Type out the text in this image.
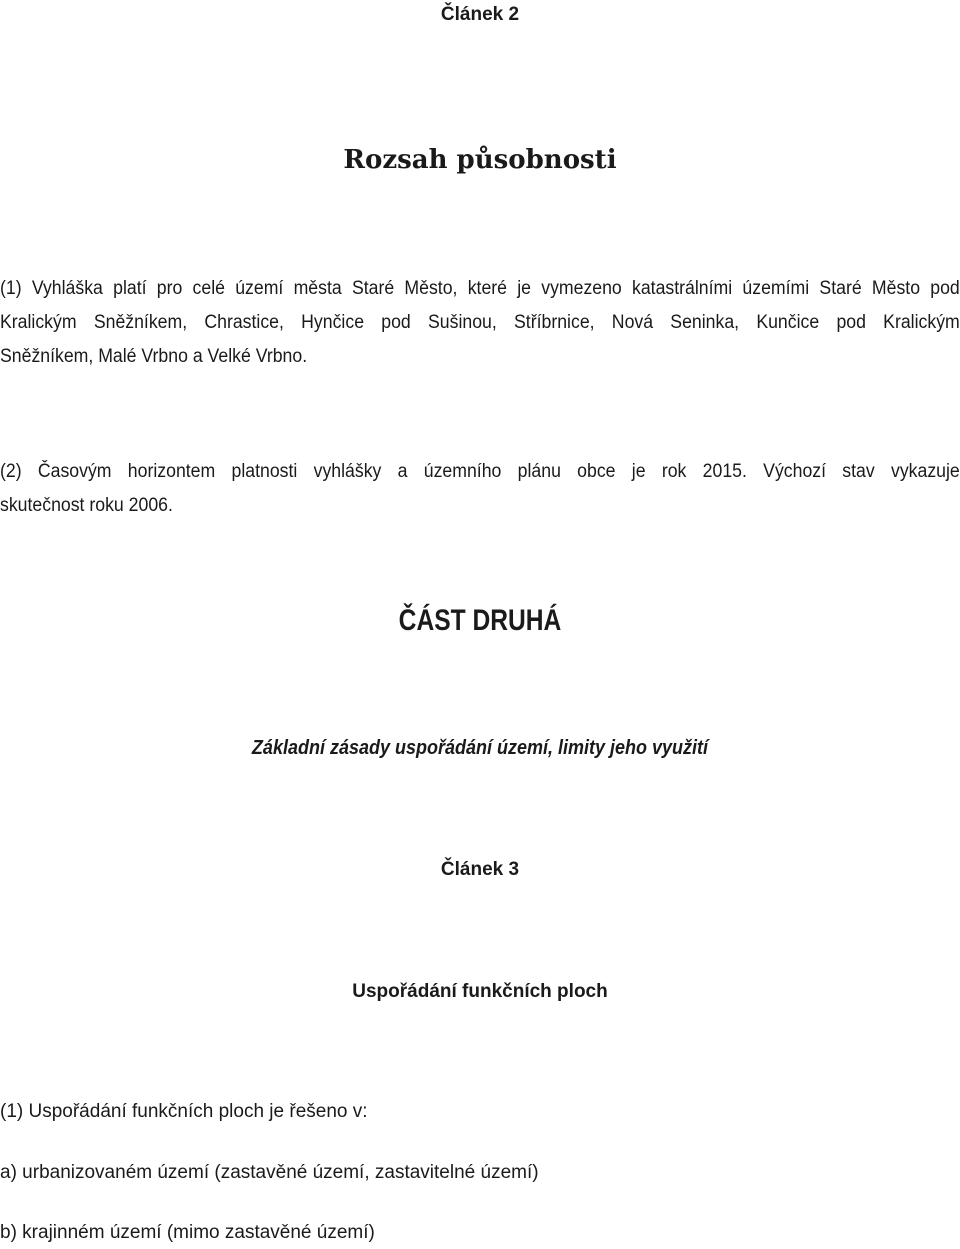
Článek 2
Rozsah působnosti
(1) Vyhláška platí pro celé území města Staré Město, které je vymezeno katastrálními územími Staré Město pod
Kralickým Sněžníkem, Chrastice, Hynčice pod Sušinou, Stříbrnice, Nová Seninka, Kunčice pod Kralickým
Sněžníkem, Malé Vrbno a Velké Vrbno.
(2) Časovým horizontem platnosti vyhlášky a územního plánu obce je rok 2015. Výchozí stav vykazuje
skutečnost roku 2006.
ČÁST DRUHÁ
Základní zásady uspořádání území, limity jeho využití
Článek 3
Uspořádání funkčních ploch
(1) Uspořádání funkčních ploch je řešeno v:
a) urbanizovaném území (zastavěné území, zastavitelné území)
b) krajinném území (mimo zastavěné území)
